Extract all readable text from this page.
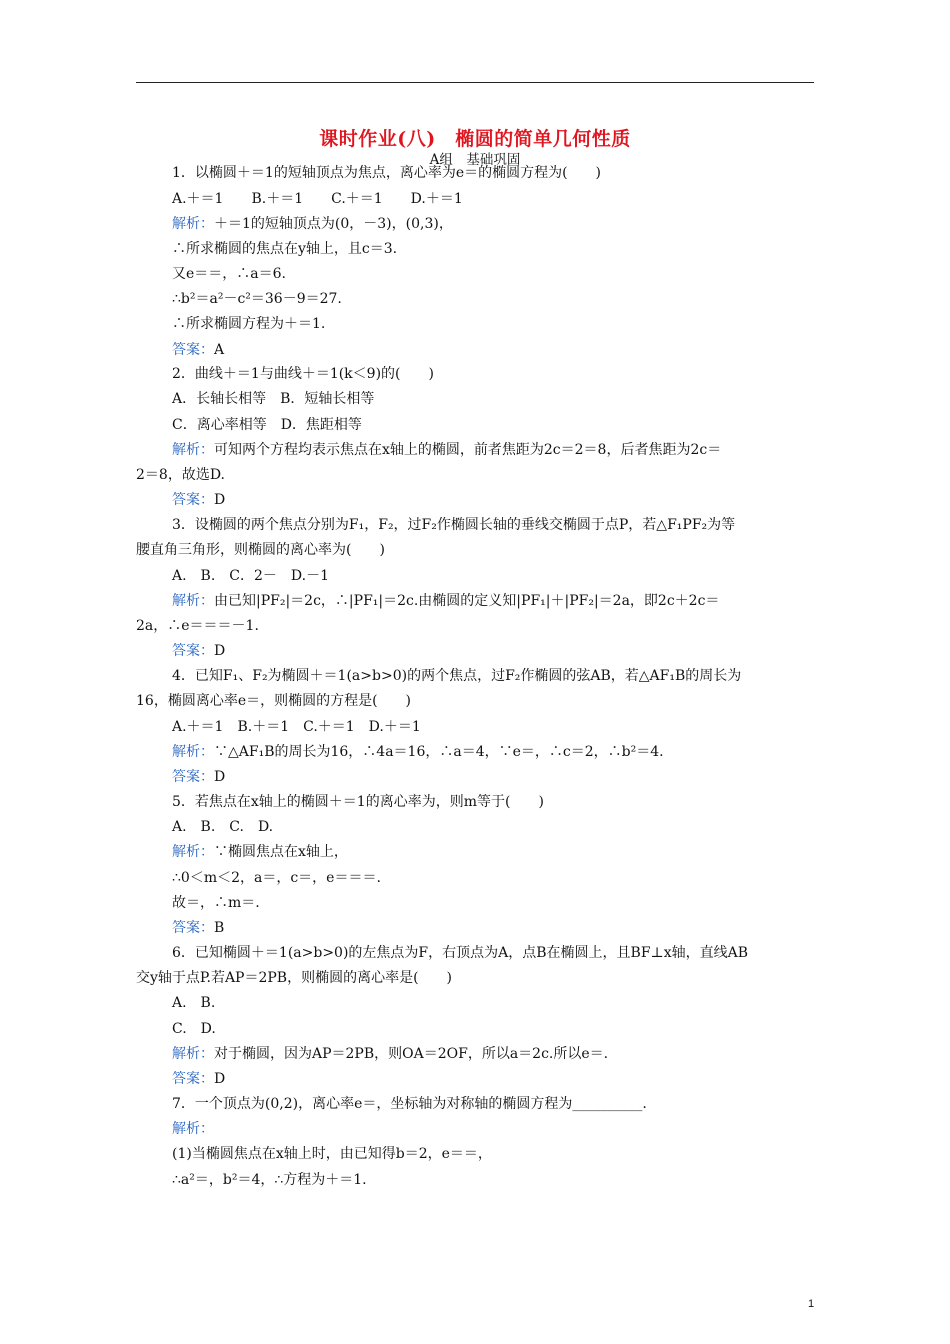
课时作业(八)　椭圆的简单几何性质
A组　基础巩固
1．以椭圆＋＝1的短轴顶点为焦点，离心率为e＝的椭圆方程为(　　)
A.＋＝1　　B.＋＝1　　C.＋＝1　　D.＋＝1
解析：＋＝1的短轴顶点为(0，－3)，(0,3)，
∴所求椭圆的焦点在y轴上，且c＝3.
又e＝＝，∴a＝6.
∴b²＝a²－c²＝36－9＝27.
∴所求椭圆方程为＋＝1.
答案：A
2．曲线＋＝1与曲线＋＝1(k＜9)的(　　)
A．长轴长相等　B．短轴长相等
C．离心率相等　D．焦距相等
解析：可知两个方程均表示焦点在x轴上的椭圆，前者焦距为2c＝2＝8，后者焦距为2c＝
2＝8，故选D.
答案：D
3．设椭圆的两个焦点分别为F₁，F₂，过F₂作椭圆长轴的垂线交椭圆于点P，若△F₁PF₂为等
腰直角三角形，则椭圆的离心率为(　　)
A.　B.　C．2－　D.－1
解析：由已知|PF₂|＝2c，∴|PF₁|＝2c.由椭圆的定义知|PF₁|＋|PF₂|＝2a，即2c＋2c＝
2a，∴e＝＝＝－1.
答案：D
4．已知F₁、F₂为椭圆＋＝1(a>b>0)的两个焦点，过F₂作椭圆的弦AB，若△AF₁B的周长为
16，椭圆离心率e＝，则椭圆的方程是(　　)
A.＋＝1　B.＋＝1　C.＋＝1　D.＋＝1
解析：∵△AF₁B的周长为16，∴4a＝16，∴a＝4，∵e＝，∴c＝2，∴b²＝4.
答案：D
5．若焦点在x轴上的椭圆＋＝1的离心率为，则m等于(　　)
A.　B.　C.　D.
解析：∵椭圆焦点在x轴上，
∴0＜m＜2，a＝，c＝，e＝＝＝.
故＝，∴m＝.
答案：B
6．已知椭圆＋＝1(a>b>0)的左焦点为F，右顶点为A，点B在椭圆上，且BF⊥x轴，直线AB
交y轴于点P.若AP＝2PB，则椭圆的离心率是(　　)
A.　B.
C.　D.
解析：对于椭圆，因为AP＝2PB，则OA＝2OF，所以a＝2c.所以e＝.
答案：D
7．一个顶点为(0,2)，离心率e＝，坐标轴为对称轴的椭圆方程为__________.
解析：
(1)当椭圆焦点在x轴上时，由已知得b＝2，e＝＝，
∴a²＝，b²＝4，∴方程为＋＝1.
1
